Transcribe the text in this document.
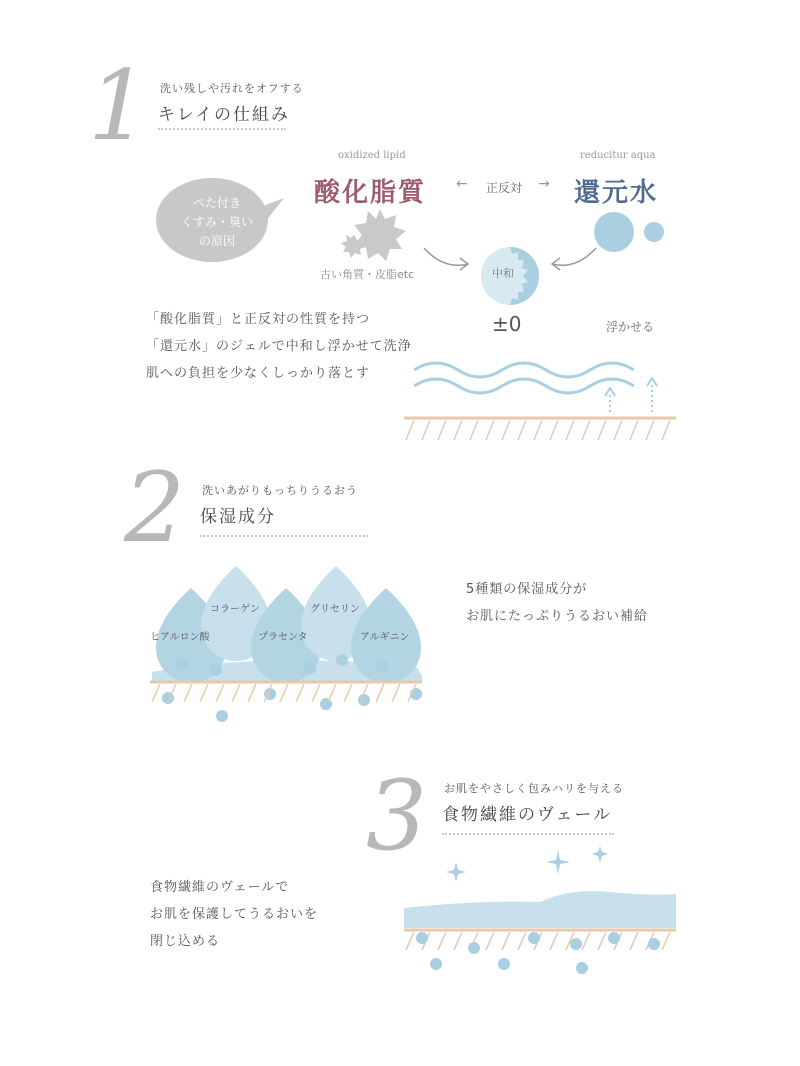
1 洗い残しや汚れをオフする
キレイの仕組み
oxidized lipid	reducitur aqua
酸化脂質	還元水
← 正反対 →
べた付き
くすみ・臭い
の原因
古い角質・皮脂etc	中和
±0	浮かせる
「酸化脂質」と正反対の性質を持つ
「還元水」のジェルで中和し浮かせて洗浄
肌への負担を少なくしっかり落とす
2 洗いあがりもっちりうるおう
保湿成分
ヒアルロン酸
コラーゲン
プラセンタ
グリセリン
アルギニン
5種類の保湿成分が
お肌にたっぷりうるおい補給
3 お肌をやさしく包みハリを与える
食物繊維のヴェール
食物繊維のヴェールで
お肌を保護してうるおいを
閉じ込める
